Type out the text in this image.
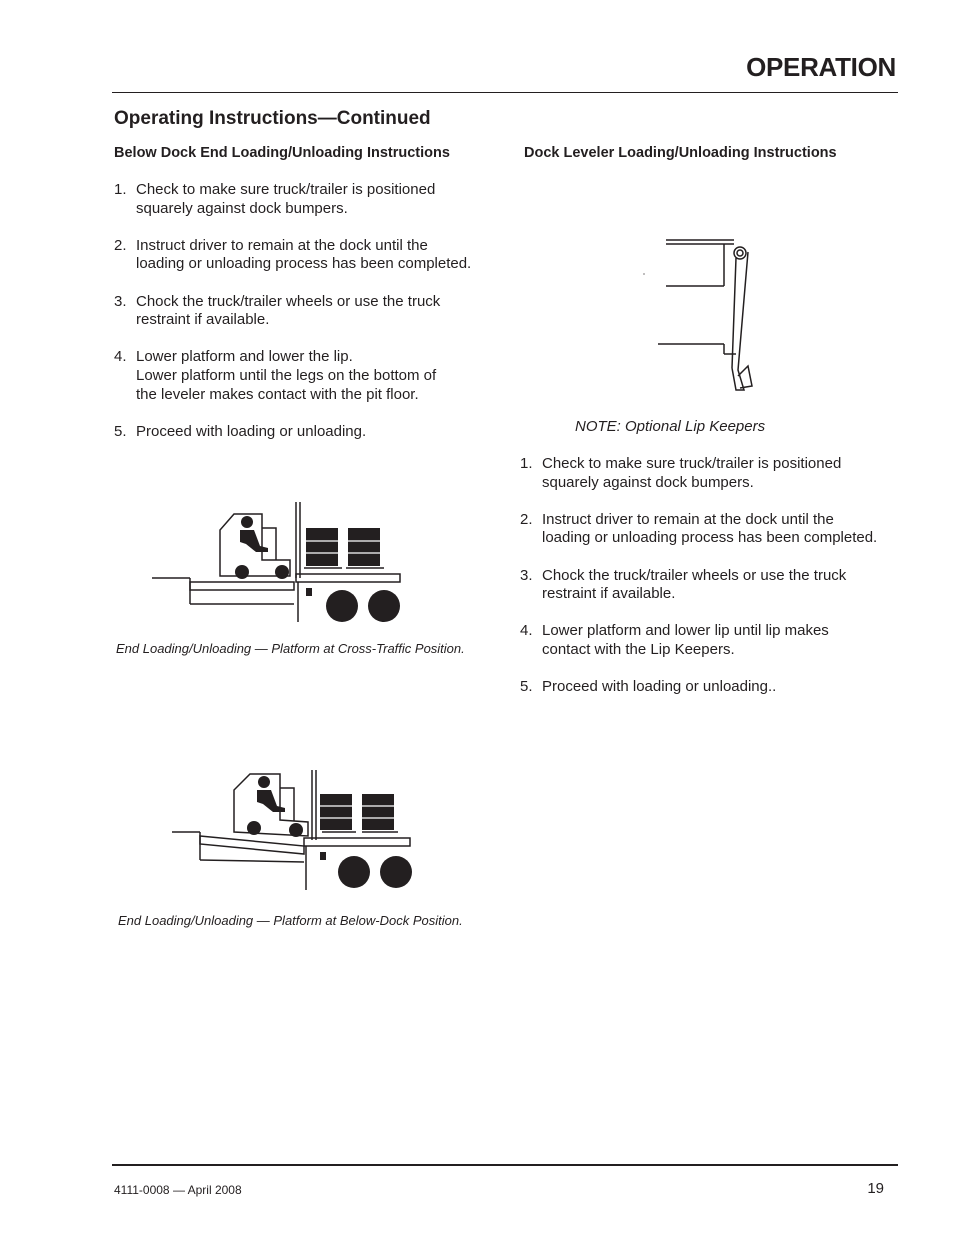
OPERATION
Operating Instructions—Continued
Below Dock End Loading/Unloading Instructions
1. Check to make sure truck/trailer is positioned
squarely against dock bumpers.
2. Instruct driver to remain at the dock until the
loading or unloading process has been completed.
3. Chock the truck/trailer wheels or use the truck
restraint if available.
4. Lower platform and lower the lip.
Lower platform until the legs on the bottom of
the leveler makes contact with the pit floor.
5. Proceed with loading or unloading.
End Loading/Unloading — Platform at Cross-Traffic Position.
End Loading/Unloading — Platform at Below-Dock Position.
Dock Leveler Loading/Unloading Instructions
NOTE: Optional Lip Keepers
1. Check to make sure truck/trailer is positioned
squarely against dock bumpers.
2. Instruct driver to remain at the dock until the
loading or unloading process has been completed.
3. Chock the truck/trailer wheels or use the truck
restraint if available.
4. Lower platform and lower lip until lip makes
contact with the Lip Keepers.
5. Proceed with loading or unloading..
4111-0008 — April 2008	19
